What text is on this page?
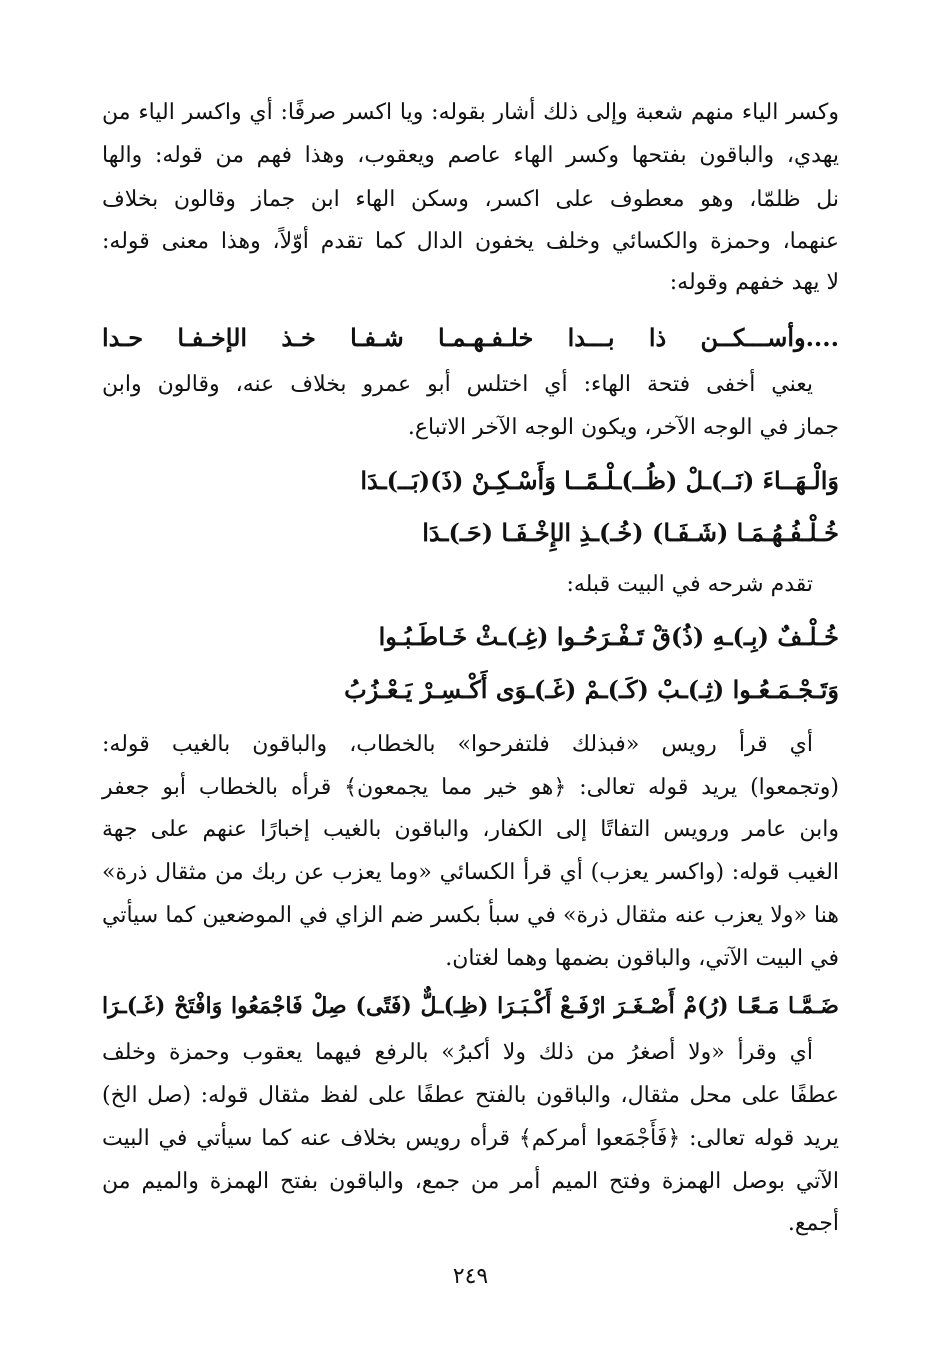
وكسر الياء منهم شعبة وإلى ذلك أشار بقوله: ويا اكسر صرفًا: أي واكسر الياء من
يهدي، والباقون بفتحها وكسر الهاء عاصم ويعقوب، وهذا فهم من قوله: والها
نل ظلمّا، وهو معطوف على اكسر، وسكن الهاء ابن جماز وقالون بخلاف
عنهما، وحمزة والكسائي وخلف يخفون الدال كما تقدم أوّلاً، وهذا معنى قوله:
لا يهد خفهم وقوله:
....وأســـكــن ذا بـــدا خلـفـهـمـا شـفـا خـذ الإخـفـا حـدا
يعني أخفى فتحة الهاء: أي اختلس أبو عمرو بخلاف عنه، وقالون وابن
جماز في الوجه الآخر، ويكون الوجه الآخر الاتباع.
وَالْـهَــاءَ (نَــ)ـلْ (ظُــ)ـلْـمًــا وَأَسْـكِـنْ (ذَ)(بَــ)ـدَا
خُـلْـفُـهُـمَـا (شَـفَـا) (خُـ)ـذِ الإِخْـفَـا (حَـ)ـدَا
تقدم شرحه في البيت قبله:
خُـلْـفٌ (بِـ)ـهِ (ذُ)قْ تَـفْـرَحُـوا (غِـ)ـثْ خَـاطَـبُـوا
وَتَـجْـمَـعُـوا (ثِـ)ـبْ (كَـ)ـمْ (غَـ)ـوَى أَكْـسِـرْ يَـعْـزُبُ
أي قرأ رويس «فبذلك فلتفرحوا» بالخطاب، والباقون بالغيب قوله:
(وتجمعوا) يريد قوله تعالى: ﴿هو خير مما يجمعون﴾ قرأه بالخطاب أبو جعفر
وابن عامر ورويس التفاتًا إلى الكفار، والباقون بالغيب إخبارًا عنهم على جهة
الغيب قوله: (واكسر يعزب) أي قرأ الكسائي «وما يعزب عن ربك من مثقال ذرة»
هنا «ولا يعزب عنه مثقال ذرة» في سبأ بكسر ضم الزاي في الموضعين كما سيأتي
في البيت الآتي، والباقون بضمها وهما لغتان.
ضَـمَّـا مَـعًـا (رُ)مْ أَصْـغَـرَ ارْفَـعْ أَكْـبَـرَا (ظِـ)ـلٌّ (فَتًى) صِلْ فَاجْمَعُوا وَافْتَحْ (غَـ)ـرَا
أي وقرأ «ولا أصغرُ من ذلك ولا أكبرُ» بالرفع فيهما يعقوب وحمزة وخلف
عطفًا على محل مثقال، والباقون بالفتح عطفًا على لفظ مثقال قوله: (صل الخ)
يريد قوله تعالى: ﴿فَأَجْمَعوا أمركم﴾ قرأه رويس بخلاف عنه كما سيأتي في البيت
الآتي بوصل الهمزة وفتح الميم أمر من جمع، والباقون بفتح الهمزة والميم من
أجمع.
٢٤٩
